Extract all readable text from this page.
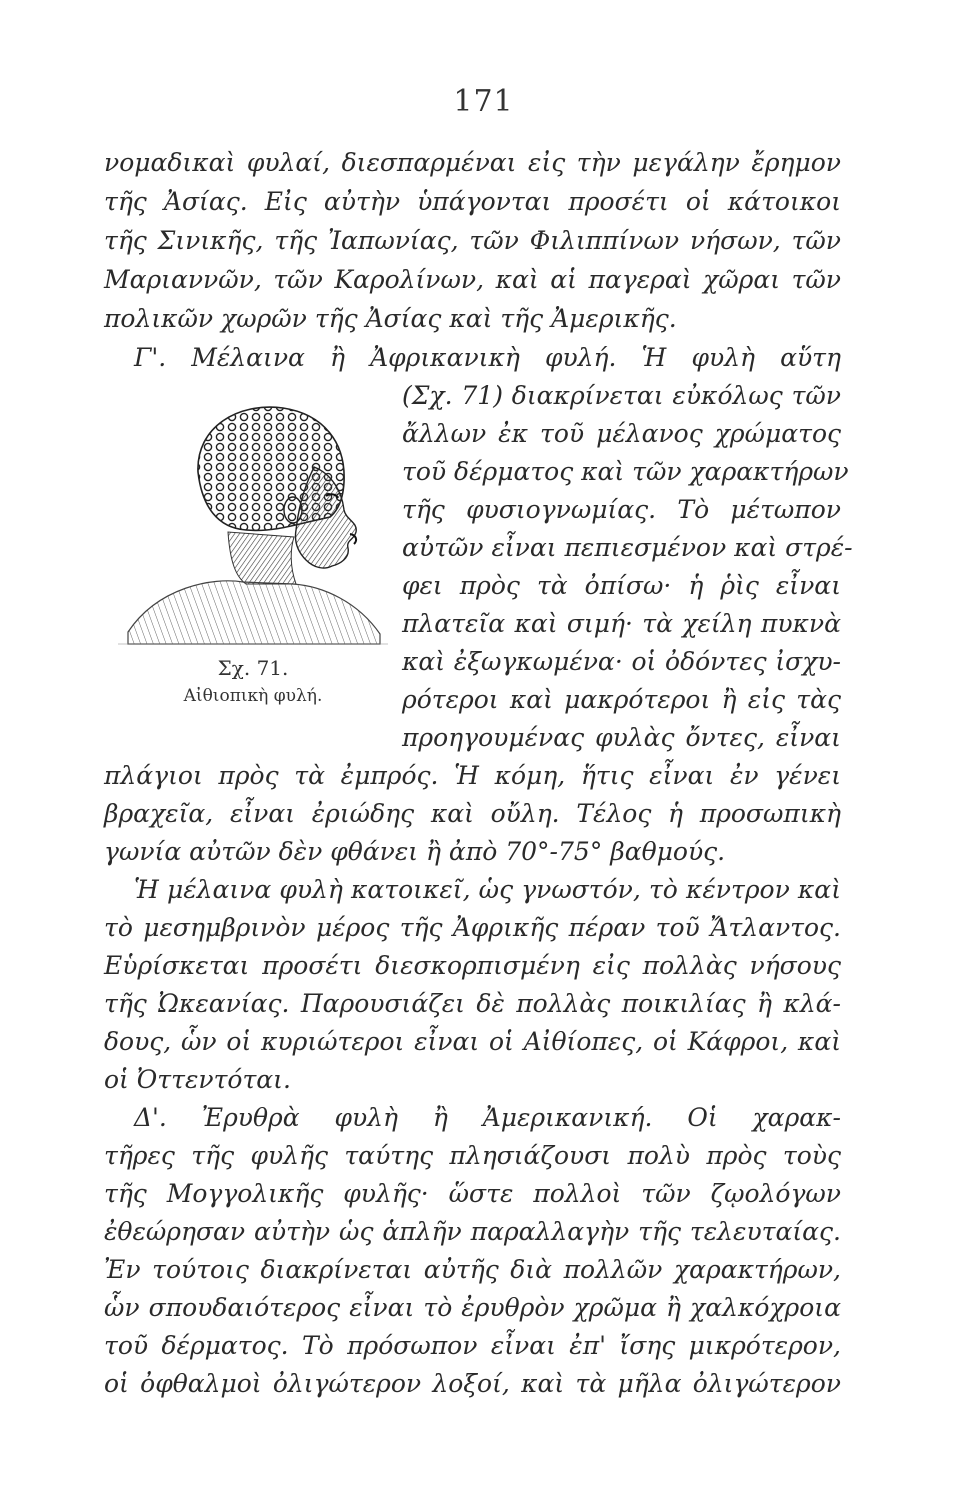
171
νομαδικαὶ φυλαί, διεσπαρμέναι εἰς τὴν μεγάλην ἔρημον
τῆς Ἀσίας. Εἰς αὐτὴν ὑπάγονται προσέτι οἱ κάτοικοι
τῆς Σινικῆς, τῆς Ἰαπωνίας, τῶν Φιλιππίνων νήσων, τῶν
Μαριαννῶν, τῶν Καρολίνων, καὶ αἱ παγεραὶ χῶραι τῶν
πολικῶν χωρῶν τῆς Ἀσίας καὶ τῆς Ἀμερικῆς.
Γ'. Μέλαινα ἢ Ἀφρικανικὴ φυλή. Ἡ φυλὴ αὕτη
(Σχ. 71) διακρίνεται εὐκόλως τῶν
ἄλλων ἐκ τοῦ μέλανος χρώματος
τοῦ δέρματος καὶ τῶν χαρακτήρων
τῆς φυσιογνωμίας. Τὸ μέτωπον
αὐτῶν εἶναι πεπιεσμένον καὶ στρέ-
φει πρὸς τὰ ὀπίσω· ἡ ῥὶς εἶναι
πλατεῖα καὶ σιμή· τὰ χείλη πυκνὰ
καὶ ἐξωγκωμένα· οἱ ὀδόντες ἰσχυ-
ρότεροι καὶ μακρότεροι ἢ εἰς τὰς
προηγουμένας φυλὰς ὄντες, εἶναι
πλάγιοι πρὸς τὰ ἐμπρός. Ἡ κόμη, ἥτις εἶναι ἐν γένει
βραχεῖα, εἶναι ἐριώδης καὶ οὔλη. Τέλος ἡ προσωπικὴ
γωνία αὐτῶν δὲν φθάνει ἢ ἀπὸ 70°-75° βαθμούς.
Ἡ μέλαινα φυλὴ κατοικεῖ, ὡς γνωστόν, τὸ κέντρον καὶ
τὸ μεσημβρινὸν μέρος τῆς Ἀφρικῆς πέραν τοῦ Ἄτλαντος.
Εὑρίσκεται προσέτι διεσκορπισμένη εἰς πολλὰς νήσους
τῆς Ὠκεανίας. Παρουσιάζει δὲ πολλὰς ποικιλίας ἢ κλά-
δους, ὧν οἱ κυριώτεροι εἶναι οἱ Αἰθίοπες, οἱ Κάφροι, καὶ
οἱ Ὀττεντόται.
Δ'. Ἐρυθρὰ φυλὴ ἢ Ἀμερικανική. Οἱ χαρακ-
τῆρες τῆς φυλῆς ταύτης πλησιάζουσι πολὺ πρὸς τοὺς
τῆς Μογγολικῆς φυλῆς· ὥστε πολλοὶ τῶν ζῳολόγων
ἐθεώρησαν αὐτὴν ὡς ἁπλῆν παραλλαγὴν τῆς τελευταίας.
Ἐν τούτοις διακρίνεται αὐτῆς διὰ πολλῶν χαρακτήρων,
ὧν σπουδαιότερος εἶναι τὸ ἐρυθρὸν χρῶμα ἢ χαλκόχροια
τοῦ δέρματος. Τὸ πρόσωπον εἶναι ἐπ' ἴσης μικρότερον,
οἱ ὀφθαλμοὶ ὀλιγώτερον λοξοί, καὶ τὰ μῆλα ὀλιγώτερον
Σχ. 71.
Αἰθιοπικὴ φυλή.
